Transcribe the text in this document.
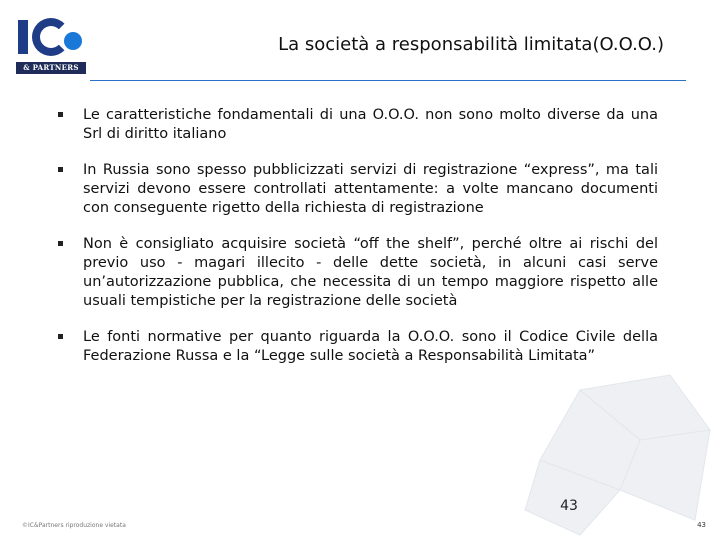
& PARTNERS
La società a responsabilità limitata(O.O.O.)
Le caratteristiche fondamentali di una O.O.O. non sono molto diverse da una Srl di diritto italiano
In Russia sono spesso pubblicizzati servizi di registrazione “express”, ma tali servizi devono essere controllati attentamente: a volte mancano documenti con conseguente rigetto della richiesta di registrazione
Non è consigliato acquisire società “off the shelf”, perché oltre ai rischi del previo uso - magari illecito - delle dette società, in alcuni casi serve un’autorizzazione pubblica, che necessita di un tempo maggiore rispetto alle usuali tempistiche per la registrazione delle società
Le fonti normative per quanto riguarda la O.O.O. sono il Codice Civile della Federazione Russa e la “Legge sulle società a Responsabilità Limitata”
43
©IC&Partners riproduzione vietata	43
